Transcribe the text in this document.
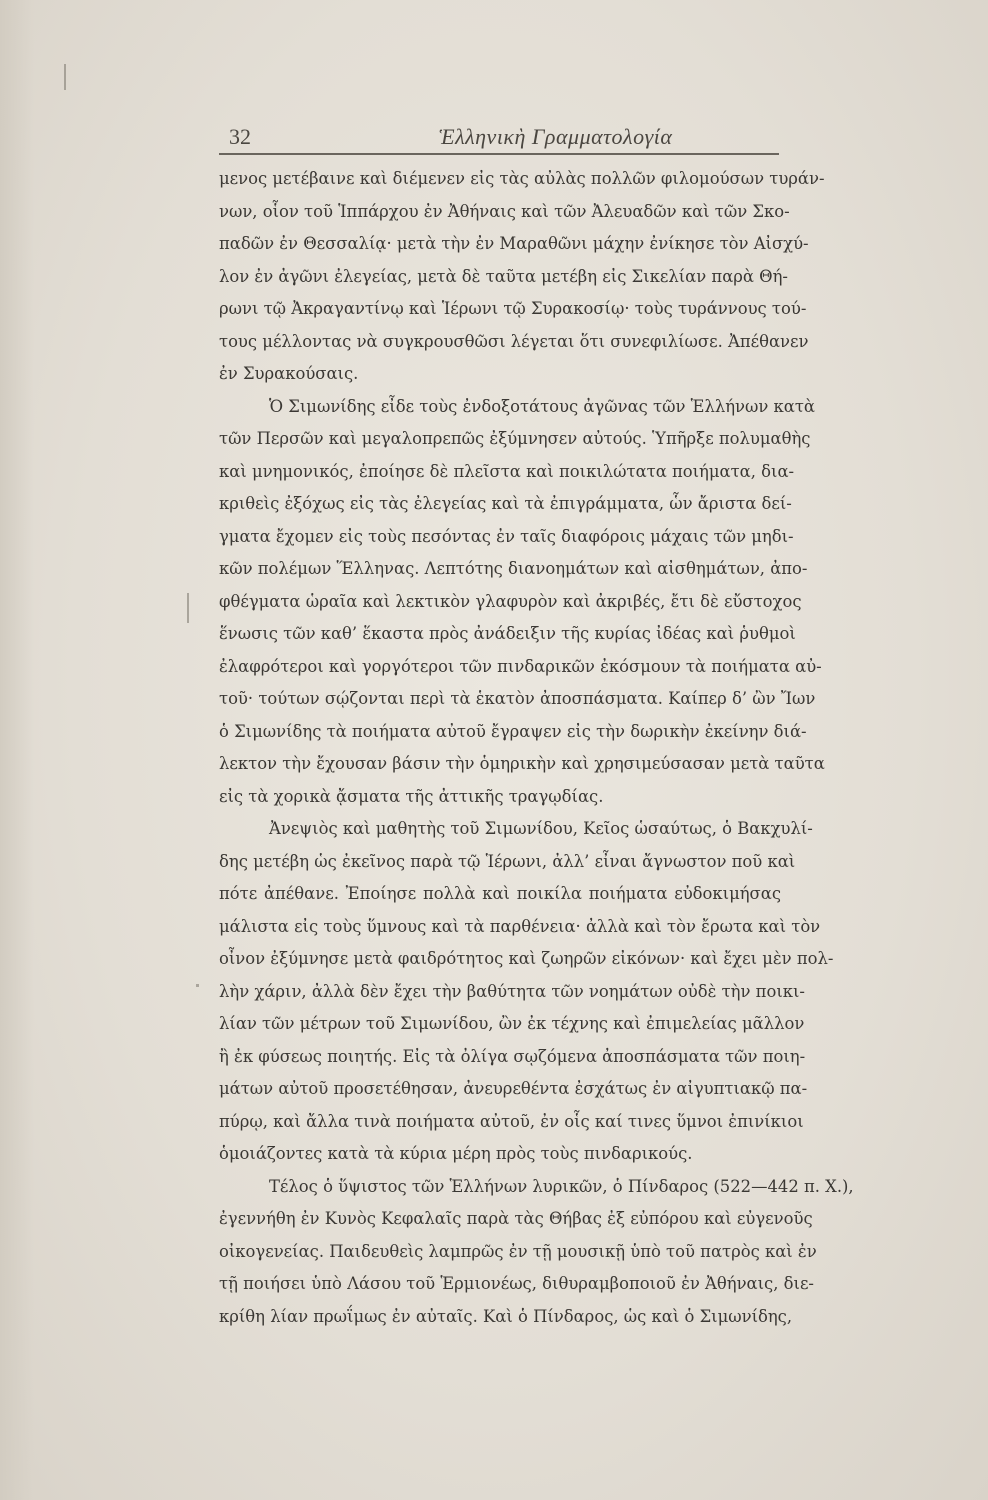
32	Ἑλληνικὴ Γραμματολογία
μενος μετέβαινε καὶ διέμενεν εἰς τὰς αὐλὰς πολλῶν φιλομούσων τυράν-
νων, οἷον τοῦ Ἱππάρχου ἐν Ἀθήναις καὶ τῶν Ἀλευαδῶν καὶ τῶν Σκο-
παδῶν ἐν Θεσσαλίᾳ· μετὰ τὴν ἐν Μαραθῶνι μάχην ἐνίκησε τὸν Αἰσχύ-
λον ἐν ἀγῶνι ἐλεγείας, μετὰ δὲ ταῦτα μετέβη εἰς Σικελίαν παρὰ Θή-
ρωνι τῷ Ἀκραγαντίνῳ καὶ Ἱέρωνι τῷ Συρακοσίῳ· τοὺς τυράννους τού-
τους μέλλοντας νὰ συγκρουσθῶσι λέγεται ὅτι συνεφιλίωσε. Ἀπέθανεν
ἐν Συρακούσαις.
Ὁ Σιμωνίδης εἶδε τοὺς ἐνδοξοτάτους ἀγῶνας τῶν Ἑλλήνων κατὰ
τῶν Περσῶν καὶ μεγαλοπρεπῶς ἐξύμνησεν αὐτούς. Ὑπῆρξε πολυμαθὴς
καὶ μνημονικός, ἐποίησε δὲ πλεῖστα καὶ ποικιλώτατα ποιήματα, δια-
κριθεὶς ἐξόχως εἰς τὰς ἐλεγείας καὶ τὰ ἐπιγράμματα, ὧν ἄριστα δεί-
γματα ἔχομεν εἰς τοὺς πεσόντας ἐν ταῖς διαφόροις μάχαις τῶν μηδι-
κῶν πολέμων Ἕλληνας. Λεπτότης διανοημάτων καὶ αἰσθημάτων, ἀπο-
φθέγματα ὡραῖα καὶ λεκτικὸν γλαφυρὸν καὶ ἀκριβές, ἔτι δὲ εὔστοχος
ἕνωσις τῶν καθ’ ἕκαστα πρὸς ἀνάδειξιν τῆς κυρίας ἰδέας καὶ ῥυθμοὶ
ἐλαφρότεροι καὶ γοργότεροι τῶν πινδαρικῶν ἐκόσμουν τὰ ποιήματα αὐ-
τοῦ· τούτων σῴζονται περὶ τὰ ἑκατὸν ἀποσπάσματα. Καίπερ δ’ ὢν Ἴων
ὁ Σιμωνίδης τὰ ποιήματα αὐτοῦ ἔγραψεν εἰς τὴν δωρικὴν ἐκείνην διά-
λεκτον τὴν ἔχουσαν βάσιν τὴν ὁμηρικὴν καὶ χρησιμεύσασαν μετὰ ταῦτα
εἰς τὰ χορικὰ ᾄσματα τῆς ἀττικῆς τραγῳδίας.
Ἀνεψιὸς καὶ μαθητὴς τοῦ Σιμωνίδου, Κεῖος ὡσαύτως, ὁ Βακχυλί-
δης μετέβη ὡς ἐκεῖνος παρὰ τῷ Ἱέρωνι, ἀλλ’ εἶναι ἄγνωστον ποῦ καὶ
πότε ἀπέθανε. Ἐποίησε πολλὰ καὶ ποικίλα ποιήματα εὐδοκιμήσας
μάλιστα εἰς τοὺς ὕμνους καὶ τὰ παρθένεια· ἀλλὰ καὶ τὸν ἔρωτα καὶ τὸν
οἶνον ἐξύμνησε μετὰ φαιδρότητος καὶ ζωηρῶν εἰκόνων· καὶ ἔχει μὲν πολ-
λὴν χάριν, ἀλλὰ δὲν ἔχει τὴν βαθύτητα τῶν νοημάτων οὐδὲ τὴν ποικι-
λίαν τῶν μέτρων τοῦ Σιμωνίδου, ὢν ἐκ τέχνης καὶ ἐπιμελείας μᾶλλον
ἢ ἐκ φύσεως ποιητής. Εἰς τὰ ὀλίγα σῳζόμενα ἀποσπάσματα τῶν ποιη-
μάτων αὐτοῦ προσετέθησαν, ἀνευρεθέντα ἐσχάτως ἐν αἰγυπτιακῷ πα-
πύρῳ, καὶ ἄλλα τινὰ ποιήματα αὐτοῦ, ἐν οἷς καί τινες ὕμνοι ἐπινίκιοι
ὁμοιάζοντες κατὰ τὰ κύρια μέρη πρὸς τοὺς πινδαρικούς.
Τέλος ὁ ὕψιστος τῶν Ἑλλήνων λυρικῶν, ὁ Πίνδαρος (522—442 π. Χ.),
ἐγεννήθη ἐν Κυνὸς Κεφαλαῖς παρὰ τὰς Θήβας ἐξ εὐπόρου καὶ εὐγενοῦς
οἰκογενείας. Παιδευθεὶς λαμπρῶς ἐν τῇ μουσικῇ ὑπὸ τοῦ πατρὸς καὶ ἐν
τῇ ποιήσει ὑπὸ Λάσου τοῦ Ἑρμιονέως, διθυραμβοποιοῦ ἐν Ἀθήναις, διε-
κρίθη λίαν πρωΐμως ἐν αὐταῖς. Καὶ ὁ Πίνδαρος, ὡς καὶ ὁ Σιμωνίδης,
